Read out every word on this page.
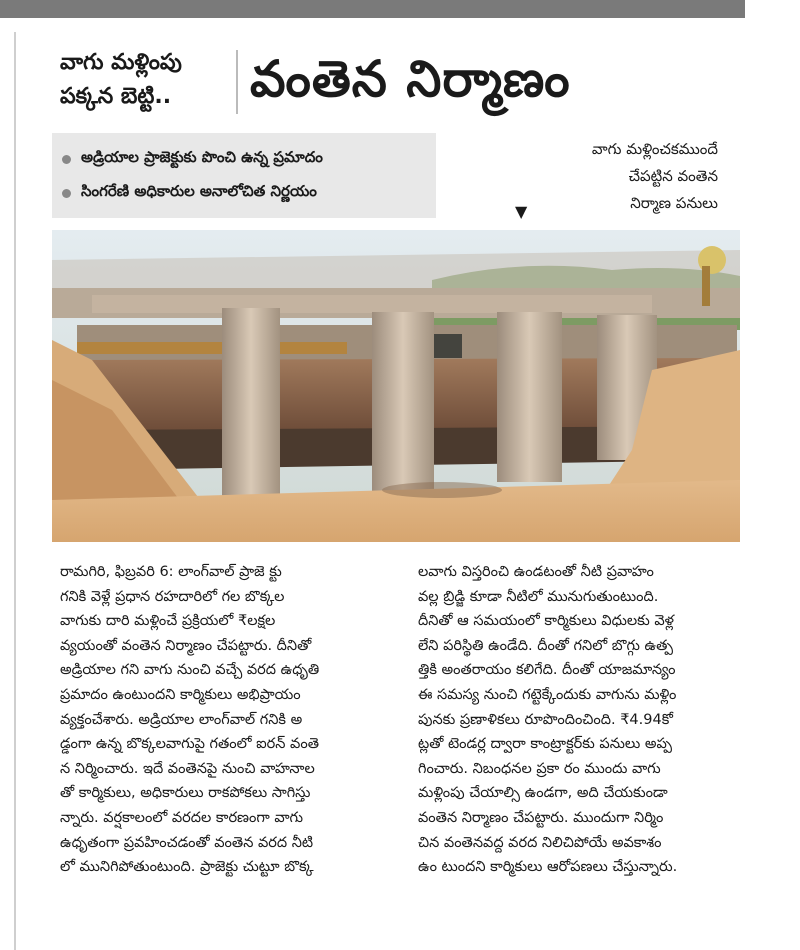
వాగు మళ్లింపు
పక్కన బెట్టి..	వంతెన నిర్మాణం
అడ్రియాల ప్రాజెక్టుకు పొంచి ఉన్న ప్రమాదం
సింగరేణి అధికారుల అనాలోచిత నిర్ణయం
వాగు మళ్లించకముందే
చేపట్టిన వంతెన
నిర్మాణ పనులు
▼
రామగిరి, ఫిబ్రవరి 6: లాంగ్‌వాల్ ప్రాజె క్టు
గనికి వెళ్లే ప్రధాన రహదారిలో గల బొక్కల
వాగుకు దారి మళ్లించే ప్రక్రియలో ₹లక్షల
వ్యయంతో వంతెన నిర్మాణం చేపట్టారు. దీనితో
అడ్రియాల గని వాగు నుంచి వచ్చే వరద ఉధృతి
ప్రమాదం ఉంటుందని కార్మికులు అభిప్రాయం
వ్యక్తంచేశారు. అడ్రియాల లాంగ్‌వాల్ గనికి అ
డ్డంగా ఉన్న బొక్కలవాగుపై గతంలో ఐరన్ వంతె
న నిర్మించారు. ఇదే వంతెనపై నుంచి వాహనాల
తో కార్మికులు, అధికారులు రాకపోకలు సాగిస్తు
న్నారు. వర్షకాలంలో వరదల కారణంగా వాగు
ఉధృతంగా ప్రవహించడంతో వంతెన వరద నీటి
లో మునిగిపోతుంటుంది. ప్రాజెక్టు చుట్టూ బొక్క
లవాగు విస్తరించి ఉండటంతో నీటి ప్రవాహం
వల్ల బ్రిడ్జి కూడా నీటిలో మునుగుతుంటుంది.
దీనితో ఆ సమయంలో కార్మికులు విధులకు వెళ్ల
లేని పరిస్థితి ఉండేది. దీంతో గనిలో బొగ్గు ఉత్ప
త్తికి అంతరాయం కలిగేది. దీంతో యాజమాన్యం
ఈ సమస్య నుంచి గట్టెక్కేందుకు వాగును మళ్లిం
పునకు ప్రణాళికలు రూపొందించింది. ₹4.94కో
ట్లతో టెండర్ల ద్వారా కాంట్రాక్టర్‌కు పనులు అప్ప
గించారు. నిబంధనల ప్రకా రం ముందు వాగు
మళ్లింపు చేయాల్సి ఉండగా, అది చేయకుండా
వంతెన నిర్మాణం చేపట్టారు. ముందుగా నిర్మిం
చిన వంతెనవద్ద వరద నిలిచిపోయే అవకాశం
ఉం టుందని కార్మికులు ఆరోపణలు చేస్తున్నారు.
